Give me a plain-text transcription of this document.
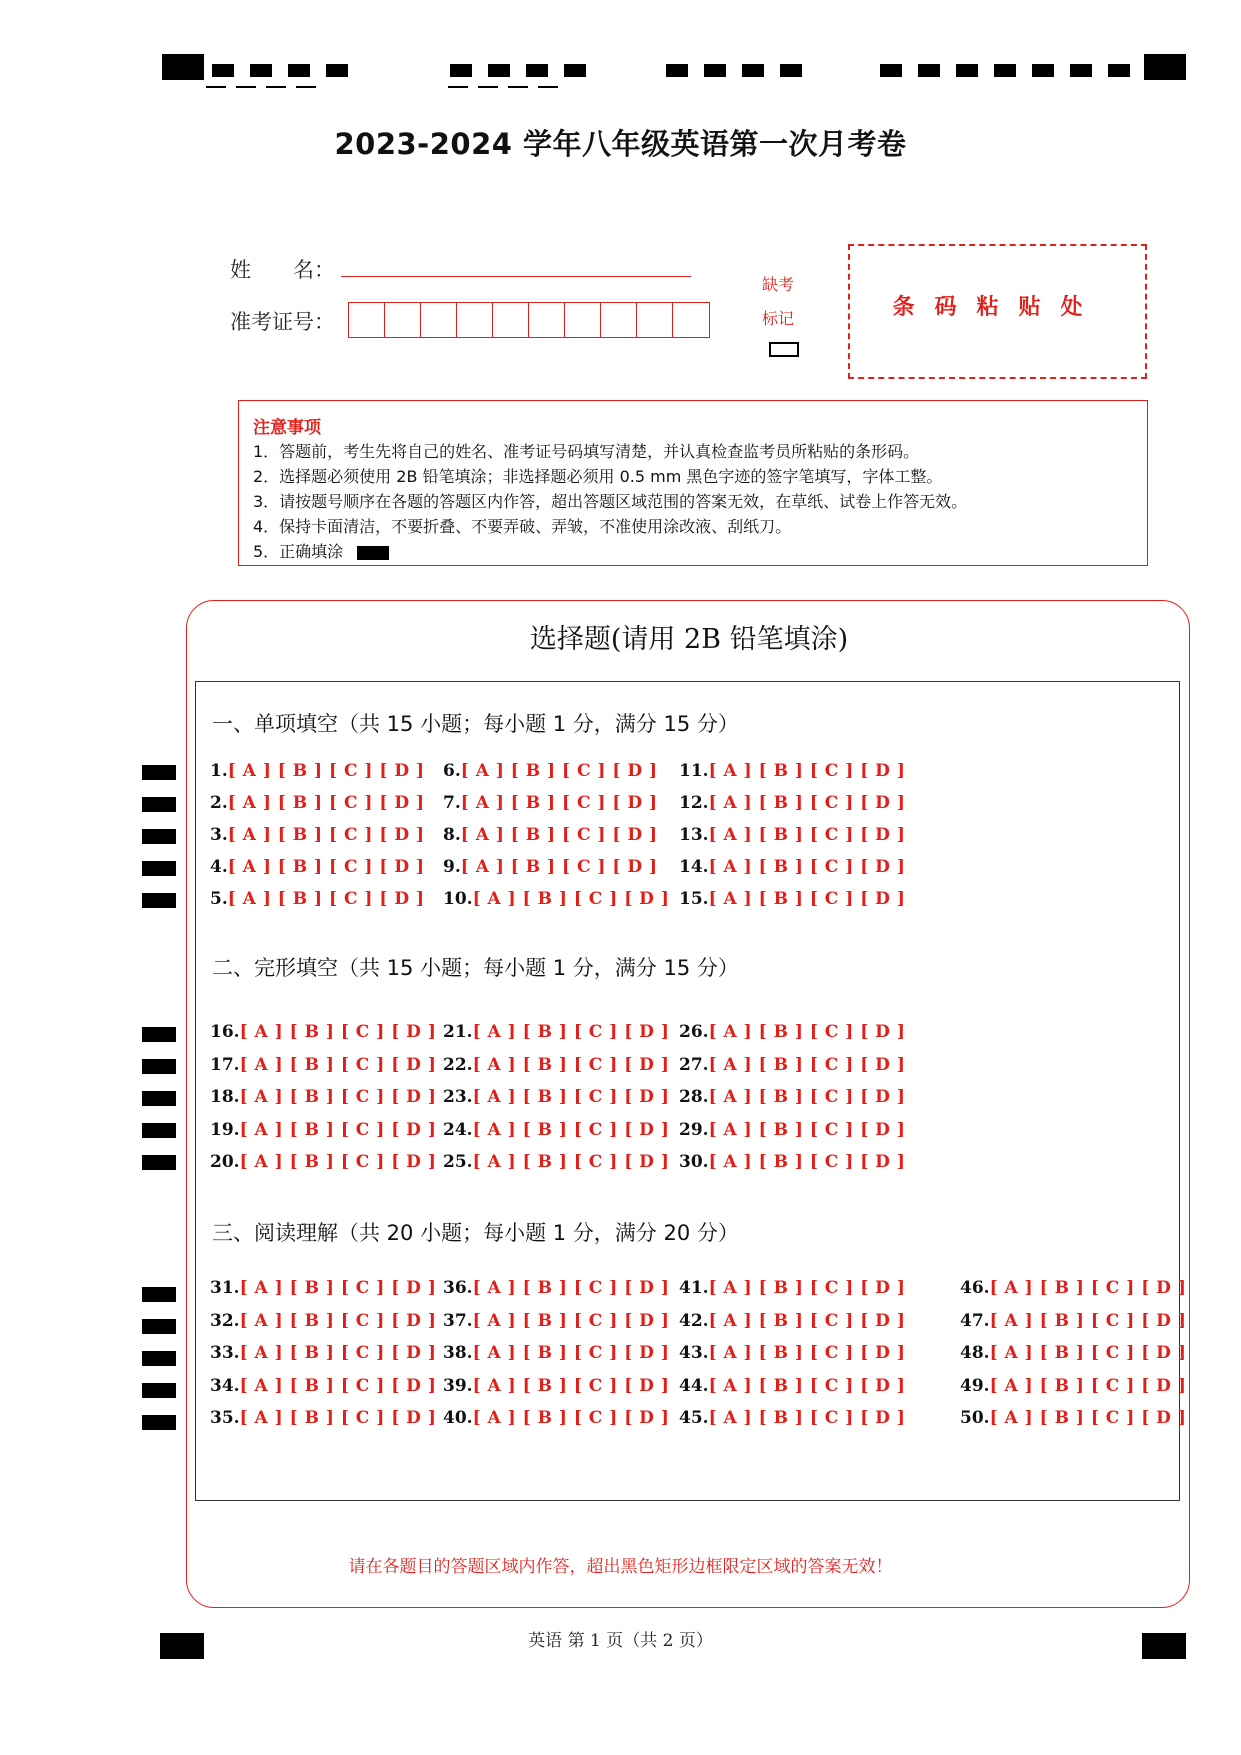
2023-2024 学年八年级英语第一次月考卷
姓　　名：
准考证号：
缺考
标记	条码粘贴处
注意事项
1．答题前，考生先将自己的姓名、准考证号码填写清楚，并认真检查监考员所粘贴的条形码。
2．选择题必须使用 2B 铅笔填涂；非选择题必须用 0.5 mm 黑色字迹的签字笔填写，字体工整。
3．请按题号顺序在各题的答题区内作答，超出答题区域范围的答案无效，在草纸、试卷上作答无效。
4．保持卡面清洁，不要折叠、不要弄破、弄皱，不准使用涂改液、刮纸刀。
5．正确填涂
选择题(请用 2B 铅笔填涂)
一、单项填空（共 15 小题；每小题 1 分，满分 15 分）
二、完形填空（共 15 小题；每小题 1 分，满分 15 分）
三、阅读理解（共 20 小题；每小题 1 分，满分 20 分）
1.[ A ] [ B ] [ C ] [ D ]
2.[ A ] [ B ] [ C ] [ D ]
3.[ A ] [ B ] [ C ] [ D ]
4.[ A ] [ B ] [ C ] [ D ]
5.[ A ] [ B ] [ C ] [ D ]
6.[ A ] [ B ] [ C ] [ D ]
7.[ A ] [ B ] [ C ] [ D ]
8.[ A ] [ B ] [ C ] [ D ]
9.[ A ] [ B ] [ C ] [ D ]
10.[ A ] [ B ] [ C ] [ D ]
11.[ A ] [ B ] [ C ] [ D ]
12.[ A ] [ B ] [ C ] [ D ]
13.[ A ] [ B ] [ C ] [ D ]
14.[ A ] [ B ] [ C ] [ D ]
15.[ A ] [ B ] [ C ] [ D ]
16.[ A ] [ B ] [ C ] [ D ]
17.[ A ] [ B ] [ C ] [ D ]
18.[ A ] [ B ] [ C ] [ D ]
19.[ A ] [ B ] [ C ] [ D ]
20.[ A ] [ B ] [ C ] [ D ]
21.[ A ] [ B ] [ C ] [ D ]
22.[ A ] [ B ] [ C ] [ D ]
23.[ A ] [ B ] [ C ] [ D ]
24.[ A ] [ B ] [ C ] [ D ]
25.[ A ] [ B ] [ C ] [ D ]
26.[ A ] [ B ] [ C ] [ D ]
27.[ A ] [ B ] [ C ] [ D ]
28.[ A ] [ B ] [ C ] [ D ]
29.[ A ] [ B ] [ C ] [ D ]
30.[ A ] [ B ] [ C ] [ D ]
31.[ A ] [ B ] [ C ] [ D ]
32.[ A ] [ B ] [ C ] [ D ]
33.[ A ] [ B ] [ C ] [ D ]
34.[ A ] [ B ] [ C ] [ D ]
35.[ A ] [ B ] [ C ] [ D ]
36.[ A ] [ B ] [ C ] [ D ]
37.[ A ] [ B ] [ C ] [ D ]
38.[ A ] [ B ] [ C ] [ D ]
39.[ A ] [ B ] [ C ] [ D ]
40.[ A ] [ B ] [ C ] [ D ]
41.[ A ] [ B ] [ C ] [ D ]
42.[ A ] [ B ] [ C ] [ D ]
43.[ A ] [ B ] [ C ] [ D ]
44.[ A ] [ B ] [ C ] [ D ]
45.[ A ] [ B ] [ C ] [ D ]
46.[ A ] [ B ] [ C ] [ D ]
47.[ A ] [ B ] [ C ] [ D ]
48.[ A ] [ B ] [ C ] [ D ]
49.[ A ] [ B ] [ C ] [ D ]
50.[ A ] [ B ] [ C ] [ D ]
请在各题目的答题区域内作答，超出黑色矩形边框限定区域的答案无效！
英语 第 1 页（共 2 页）
